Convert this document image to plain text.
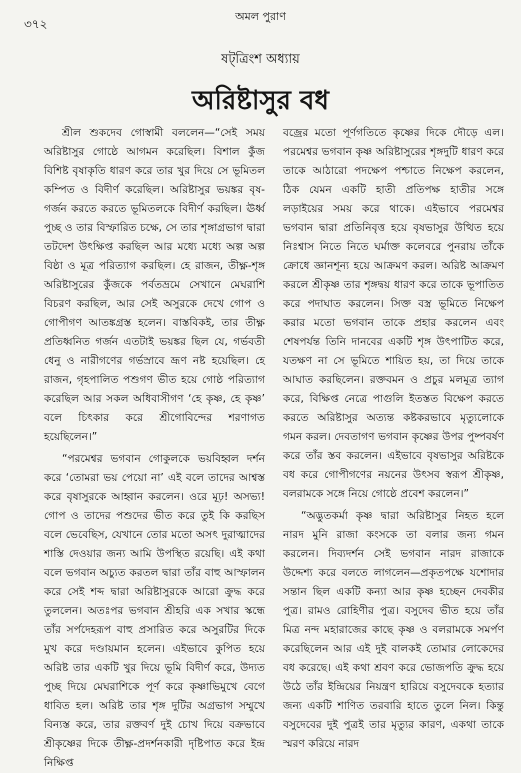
৩৭২
অমল পুরাণ
ষট্‌ত্রিংশ অধ্যায়
অরিষ্টাসুর বধ

শ্রীল শুকদেব গোস্বামী বললেন—“সেই সময় অরিষ্টাসুর গোষ্ঠে আগমন করেছিল। বিশাল কুঁজ বিশিষ্ট বৃষাকৃতি ধারণ করে তার খুর দিয়ে সে ভূমিতল কম্পিত ও বিদীর্ণ করেছিল। অরিষ্টাসুর ভয়ঙ্কর বৃষ-গর্জন করতে করতে ভূমিতলকে বিদীর্ণ করছিল। ঊর্ধ্ব পুচ্ছ ও তার বিস্ফারিত চক্ষে, সে তার শৃঙ্গাগ্রভাগ দ্বারা তটদেশ উৎক্ষিপ্ত করছিল আর মধ্যে মধ্যে অল্প অল্প বিষ্ঠা ও মূত্র পরিত্যাগ করছিল। হে রাজন, তীক্ষ্ণ-শৃঙ্গ অরিষ্টাসুরের কুঁজকে পর্বতভ্রমে সেখানে মেঘরাশি বিচরণ করছিল, আর সেই অসুরকে দেখে গোপ ও গোপীগণ আতঙ্কগ্রস্ত হলেন। বাস্তবিকই, তার তীক্ষ্ণ প্রতিধ্বনিত গর্জন এতটাই ভয়ঙ্কর ছিল যে, গর্ভবতী ধেনু ও নারীগণের গর্ভস্রাবে ভ্রূণ নষ্ট হয়েছিল। হে রাজন, গৃহপালিত পশুগণ ভীত হয়ে গোষ্ঠ পরিত্যাগ করেছিল আর সকল অধিবাসীগণ ‘হে কৃষ্ণ, হে কৃষ্ণ’ বলে চিৎকার করে শ্রীগোবিন্দের শরণাগত হয়েছিলেন।”

“পরমেশ্বর ভগবান গোকুলকে ভয়বিহ্বল দর্শন করে ‘তোমরা ভয় পেয়ো না’ এই বলে তাদের আশ্বস্ত করে বৃষাসুরকে আহ্বান করলেন। ওরে মূঢ়! অসভ্য! গোপ ও তাদের পশুদের ভীত করে তুই কি করছিস বলে ভেবেছিস, যেখানে তোর মতো অসৎ দুরাত্মাদের শাস্তি দেওয়ার জন্য আমি উপস্থিত রয়েছি। এই কথা বলে ভগবান অচ্যুত করতল দ্বারা তাঁর বাহু আস্ফালন করে সেই শব্দ দ্বারা অরিষ্টাসুরকে আরো ক্রুদ্ধ করে তুললেন। অতঃপর ভগবান শ্রীহরি এক সখার স্কন্ধে তাঁর সর্পদেহরূপ বাহু প্রসারিত করে অসুরটির দিকে মুখ করে দণ্ডায়মান হলেন। এইভাবে কুপিত হয়ে অরিষ্ট তার একটি খুর দিয়ে ভূমি বিদীর্ণ করে, উদ্যত পুচ্ছ দিয়ে মেঘরাশিকে পূর্ণ করে কৃষ্ণাভিমুখে বেগে ধাবিত হল। অরিষ্ট তার শৃঙ্গ দুটির অগ্রভাগ সম্মুখে বিন্যস্ত করে, তার রক্তবর্ণ দুই চোখ দিয়ে বক্রভাবে শ্রীকৃষ্ণের দিকে তীক্ষ্ণ-প্রদর্শনকারী দৃষ্টিপাত করে ইন্দ্র নিক্ষিপ্ত

বজ্রের মতো পূর্ণগতিতে কৃষ্ণের দিকে দৌড়ে এল। পরমেশ্বর ভগবান কৃষ্ণ অরিষ্টাসুরের শৃঙ্গদুটি ধারণ করে তাকে আঠারো পদক্ষেপ পশ্চাতে নিক্ষেপ করলেন, ঠিক যেমন একটি হাতী প্রতিপক্ষ হাতীর সঙ্গে লড়াইয়ের সময় করে থাকে। এইভাবে পরমেশ্বর ভগবান দ্বারা প্রতিনিবৃত্ত হয়ে বৃষভাসুর উত্থিত হয়ে নিঃশ্বাস নিতে নিতে ঘর্মাক্ত কলেবরে পুনরায় তাঁকে ক্রোধে জ্ঞানশূন্য হয়ে আক্রমণ করল। অরিষ্ট আক্রমণ করলে শ্রীকৃষ্ণ তার শৃঙ্গদ্বয় ধারণ করে তাকে ভূপাতিত করে পদাঘাত করলেন। সিক্ত বস্ত্র ভূমিতে নিক্ষেপ করার মতো ভগবান তাকে প্রহার করলেন এবং শেষপর্যন্ত তিনি দানবের একটি শৃঙ্গ উৎপাটিত করে, যতক্ষণ না সে ভূমিতে শায়িত হয়, তা দিয়ে তাকে আঘাত করছিলেন। রক্তবমন ও প্রচুর মলমূত্র ত্যাগ করে, বিক্ষিপ্ত নেত্রে পাগুলি ইতস্তত বিক্ষেপ করতে করতে অরিষ্টাসুর অত্যন্ত কষ্টকরভাবে মৃত্যুলোকে গমন করল। দেবতাগণ ভগবান কৃষ্ণের উপর পুষ্পবর্ষণ করে তাঁর স্তব করলেন। এইভাবে বৃষভাসুর অরিষ্টকে বধ করে গোপীগণের নয়নের উৎসব স্বরূপ শ্রীকৃষ্ণ, বলরামকে সঙ্গে নিয়ে গোষ্ঠে প্রবেশ করলেন।”

“অদ্ভুতকর্মা কৃষ্ণ দ্বারা অরিষ্টাসুর নিহত হলে নারদ মুনি রাজা কংসকে তা বলার জন্য গমন করলেন। দিব্যদর্শন সেই ভগবান নারদ রাজাকে উদ্দেশ্য করে বলতে লাগলেন—প্রকৃতপক্ষে যশোদার সন্তান ছিল একটি কন্যা আর কৃষ্ণ হচ্ছেন দেবকীর পুত্র। রামও রোহিণীর পুত্র। বসুদেব ভীত হয়ে তাঁর মিত্র নন্দ মহারাজের কাছে কৃষ্ণ ও বলরামকে সমর্পণ করেছিলেন আর এই দুই বালকই তোমার লোকেদের বধ করেছে। এই কথা শ্রবণ করে ভোজপতি ক্রুদ্ধ হয়ে উঠে তাঁর ইন্দ্রিয়ের নিয়ন্ত্রণ হারিয়ে বসুদেবকে হত্যার জন্য একটি শাণিত তরবারি হাতে তুলে নিল। কিন্তু বসুদেবের দুই পুত্রই তার মৃত্যুর কারণ, একথা তাকে স্মরণ করিয়ে নারদ
